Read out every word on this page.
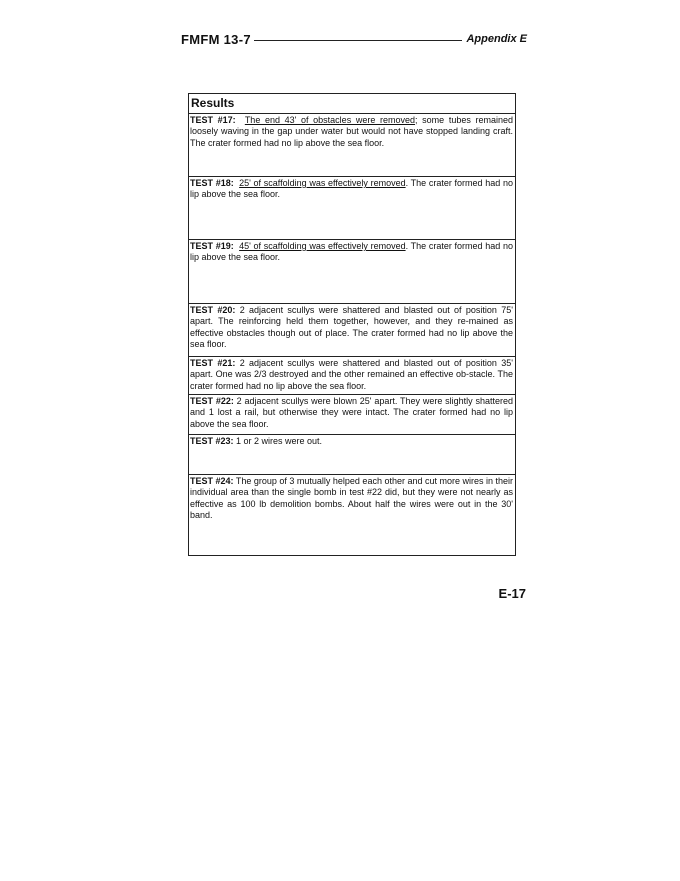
FMFM 13-7	Appendix E
Results
TEST #17: The end 43' of obstacles were removed; some tubes remained loosely waving in the gap under water but would not have stopped landing craft. The crater formed had no lip above the sea floor.
TEST #18: 25' of scaffolding was effectively removed. The crater formed had no lip above the sea floor.
TEST #19: 45' of scaffolding was effectively removed. The crater formed had no lip above the sea floor.
TEST #20: 2 adjacent scullys were shattered and blasted out of position 75' apart. The reinforcing held them together, however, and they re-mained as effective obstacles though out of place. The crater formed had no lip above the sea floor.
TEST #21: 2 adjacent scullys were shattered and blasted out of position 35' apart. One was 2/3 destroyed and the other remained an effective ob-stacle. The crater formed had no lip above the sea floor.
TEST #22: 2 adjacent scullys were blown 25' apart. They were slightly shattered and 1 lost a rail, but otherwise they were intact. The crater formed had no lip above the sea floor.
TEST #23: 1 or 2 wires were out.
TEST #24: The group of 3 mutually helped each other and cut more wires in their individual area than the single bomb in test #22 did, but they were not nearly as effective as 100 lb demolition bombs. About half the wires were out in the 30' band.
E-17
